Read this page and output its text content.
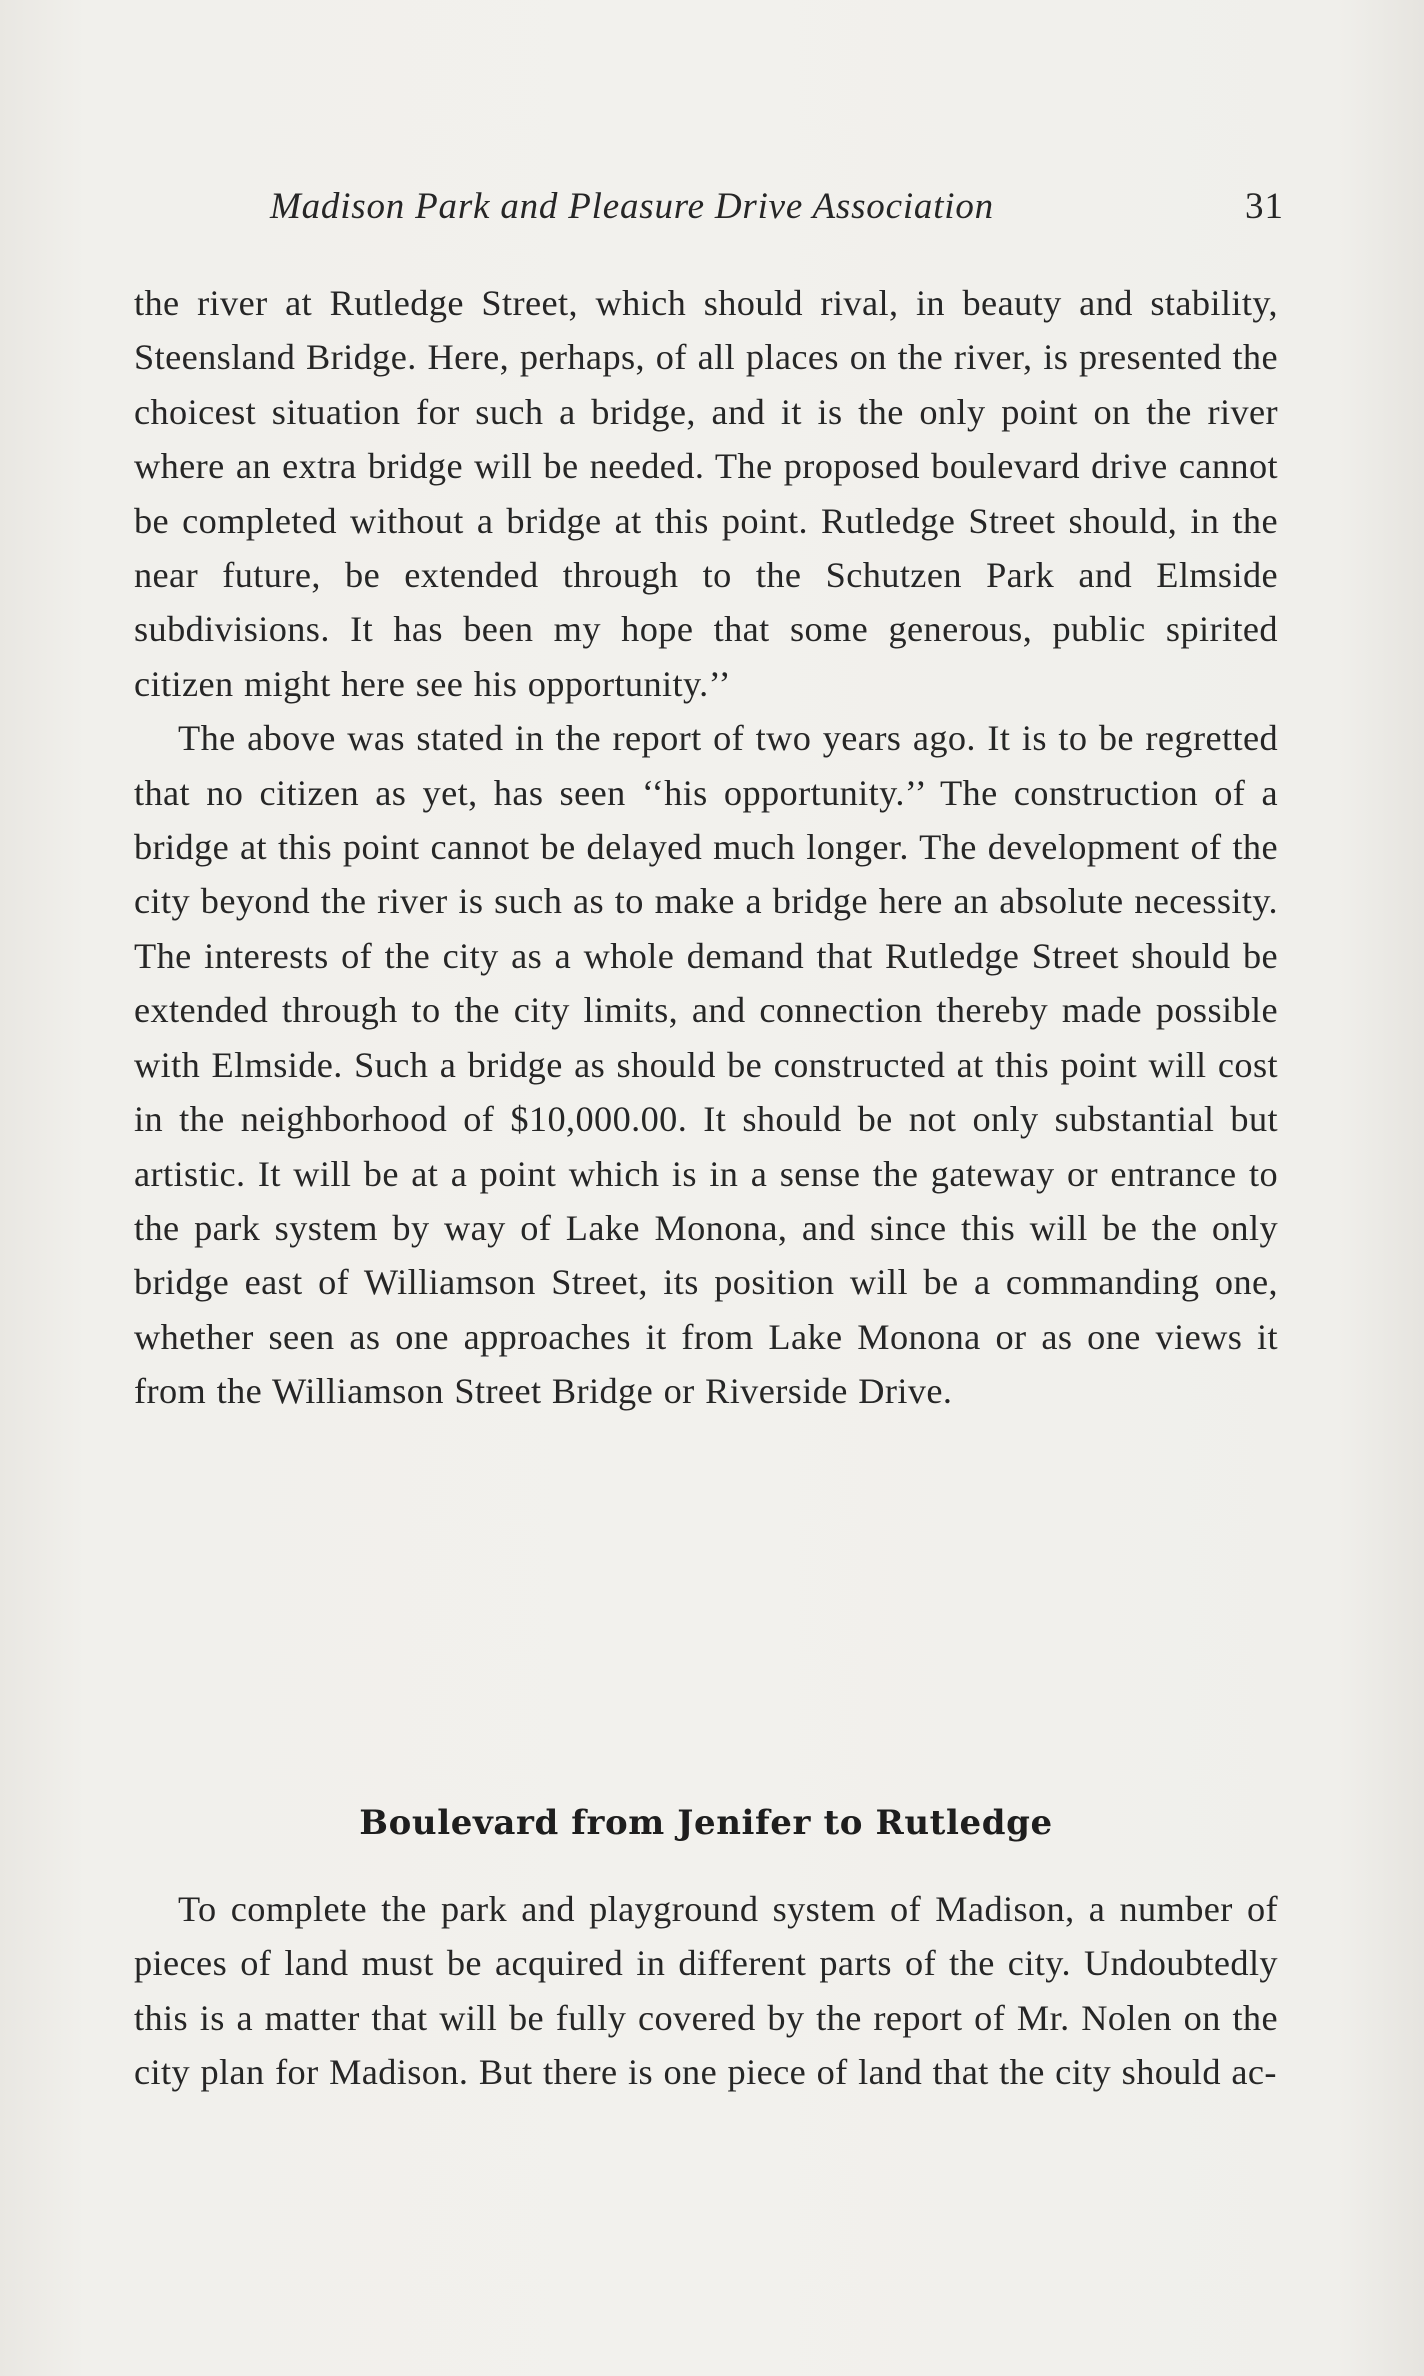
Madison Park and Pleasure Drive Association	31

the river at Rutledge Street, which should rival, in beauty and stability, Steensland Bridge. Here, perhaps, of all places on the river, is presented the choicest situation for such a bridge, and it is the only point on the river where an extra bridge will be needed. The proposed boulevard drive cannot be completed without a bridge at this point. Rutledge Street should, in the near future, be extended through to the Schutzen Park and Elmside subdivisions. It has been my hope that some generous, public spirited citizen might here see his opportunity.’’

The above was stated in the report of two years ago. It is to be regretted that no citizen as yet, has seen ‘‘his opportunity.’’ The construction of a bridge at this point cannot be delayed much longer. The development of the city beyond the river is such as to make a bridge here an absolute necessity. The interests of the city as a whole demand that Rutledge Street should be extended through to the city limits, and connection thereby made possible with Elmside. Such a bridge as should be constructed at this point will cost in the neighborhood of $10,000.00. It should be not only substantial but artistic. It will be at a point which is in a sense the gateway or entrance to the park system by way of Lake Monona, and since this will be the only bridge east of Williamson Street, its position will be a commanding one, whether seen as one approaches it from Lake Monona or as one views it from the Williamson Street Bridge or Riverside Drive.

Boulevard from Jenifer to Rutledge

To complete the park and playground system of Madison, a number of pieces of land must be acquired in different parts of the city. Undoubtedly this is a matter that will be fully covered by the report of Mr. Nolen on the city plan for Madison. But there is one piece of land that the city should ac-
